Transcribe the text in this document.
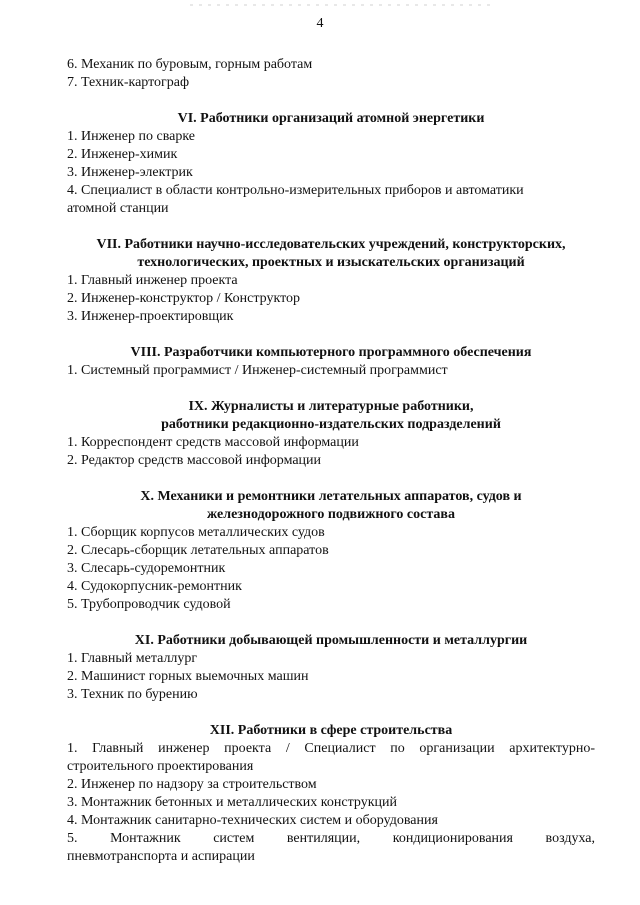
4

6. Механик по буровым, горным работам

7. Техник-картограф

VI. Работники организаций атомной энергетики

1. Инженер по сварке

2. Инженер-химик

3. Инженер-электрик

4. Специалист в области контрольно-измерительных приборов и автоматики

атомной станции

VII. Работники научно-исследовательских учреждений, конструкторских,

технологических, проектных и изыскательских организаций

1. Главный инженер проекта

2. Инженер-конструктор / Конструктор

3. Инженер-проектировщик

VIII. Разработчики компьютерного программного обеспечения

1. Системный программист / Инженер-системный программист

IX. Журналисты и литературные работники,

работники редакционно-издательских подразделений

1. Корреспондент средств массовой информации

2. Редактор средств массовой информации

X. Механики и ремонтники летательных аппаратов, судов и

железнодорожного подвижного состава

1. Сборщик корпусов металлических судов

2. Слесарь-сборщик летательных аппаратов

3. Слесарь-судоремонтник

4. Судокорпусник-ремонтник

5. Трубопроводчик судовой

XI. Работники добывающей промышленности и металлургии

1. Главный металлург

2. Машинист горных выемочных машин

3. Техник по бурению

XII. Работники в сфере строительства

1. Главный инженер проекта / Специалист по организации архитектурно-

строительного проектирования

2. Инженер по надзору за строительством

3. Монтажник бетонных и металлических конструкций

4. Монтажник санитарно-технических систем и оборудования

5. Монтажник систем вентиляции, кондиционирования воздуха,

пневмотранспорта и аспирации
